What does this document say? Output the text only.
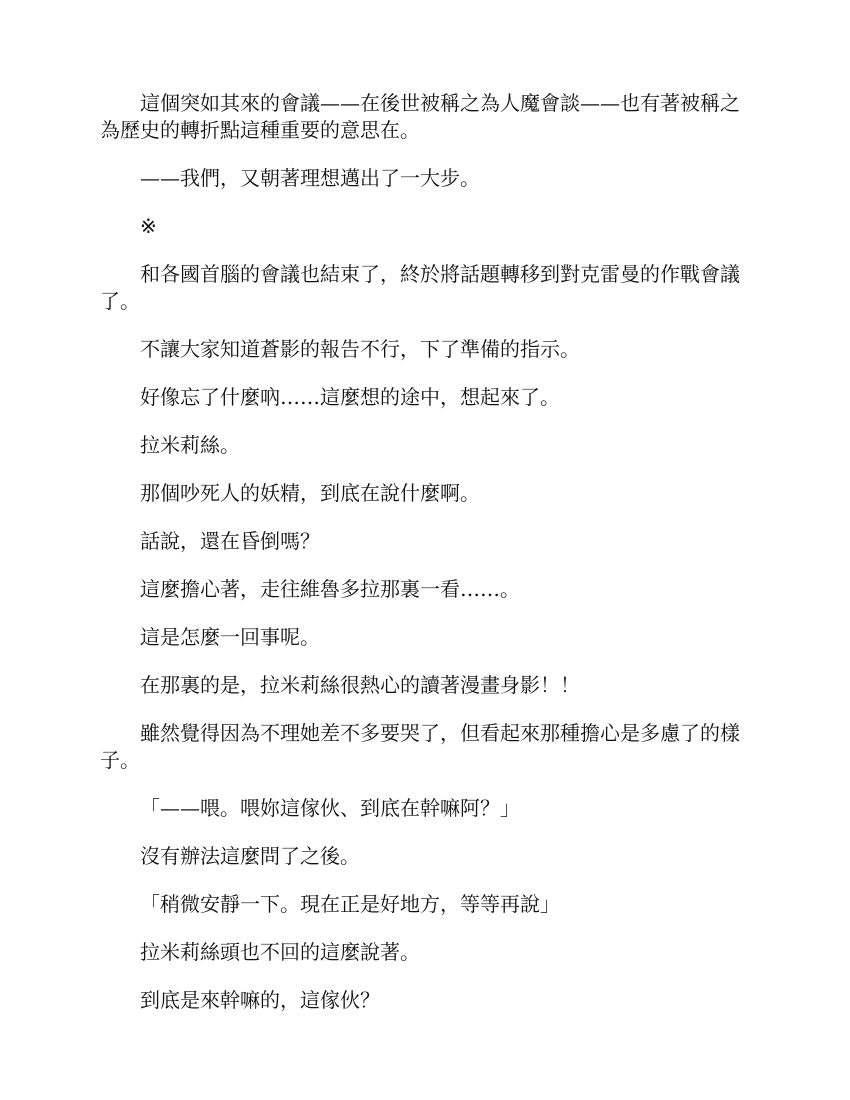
這個突如其來的會議——在後世被稱之為人魔會談——也有著被稱之為歷史的轉折點這種重要的意思在。

——我們，又朝著理想邁出了一大步。

※

和各國首腦的會議也結束了，終於將話題轉移到對克雷曼的作戰會議了。

不讓大家知道蒼影的報告不行，下了準備的指示。

好像忘了什麼吶……這麼想的途中，想起來了。

拉米莉絲。

那個吵死人的妖精，到底在說什麼啊。

話說，還在昏倒嗎？

這麼擔心著，走往維魯多拉那裏一看……。

這是怎麼一回事呢。

在那裏的是，拉米莉絲很熱心的讀著漫畫身影！！

雖然覺得因為不理她差不多要哭了，但看起來那種擔心是多慮了的樣子。

「——喂。喂妳這傢伙、到底在幹嘛阿？」

沒有辦法這麼問了之後。

「稍微安靜一下。現在正是好地方，等等再說」

拉米莉絲頭也不回的這麼說著。

到底是來幹嘛的，這傢伙？
